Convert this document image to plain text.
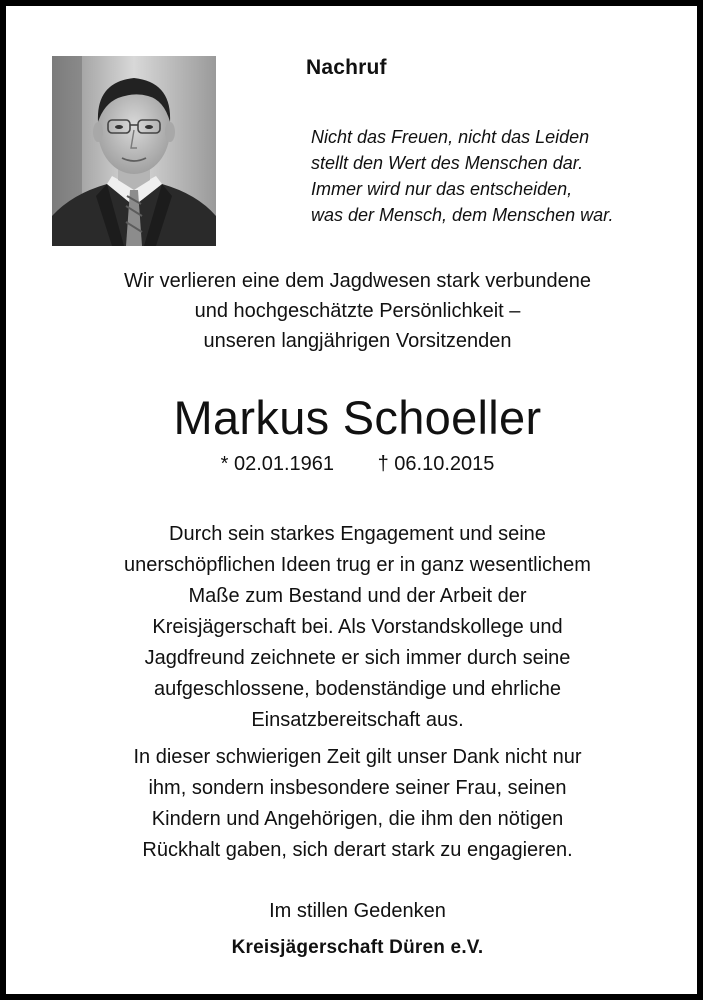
Nachruf
Nicht das Freuen, nicht das Leiden
stellt den Wert des Menschen dar.
Immer wird nur das entscheiden,
was der Mensch, dem Menschen war.
Wir verlieren eine dem Jagdwesen stark verbundene
und hochgeschätzte Persönlichkeit –
unseren langjährigen Vorsitzenden
Markus Schoeller
* 02.01.1961 † 06.10.2015
Durch sein starkes Engagement und seine
unerschöpflichen Ideen trug er in ganz wesentlichem
Maße zum Bestand und der Arbeit der
Kreisjägerschaft bei. Als Vorstandskollege und
Jagdfreund zeichnete er sich immer durch seine
aufgeschlossene, bodenständige und ehrliche
Einsatzbereitschaft aus.
In dieser schwierigen Zeit gilt unser Dank nicht nur
ihm, sondern insbesondere seiner Frau, seinen
Kindern und Angehörigen, die ihm den nötigen
Rückhalt gaben, sich derart stark zu engagieren.
Im stillen Gedenken
Kreisjägerschaft Düren e.V.
